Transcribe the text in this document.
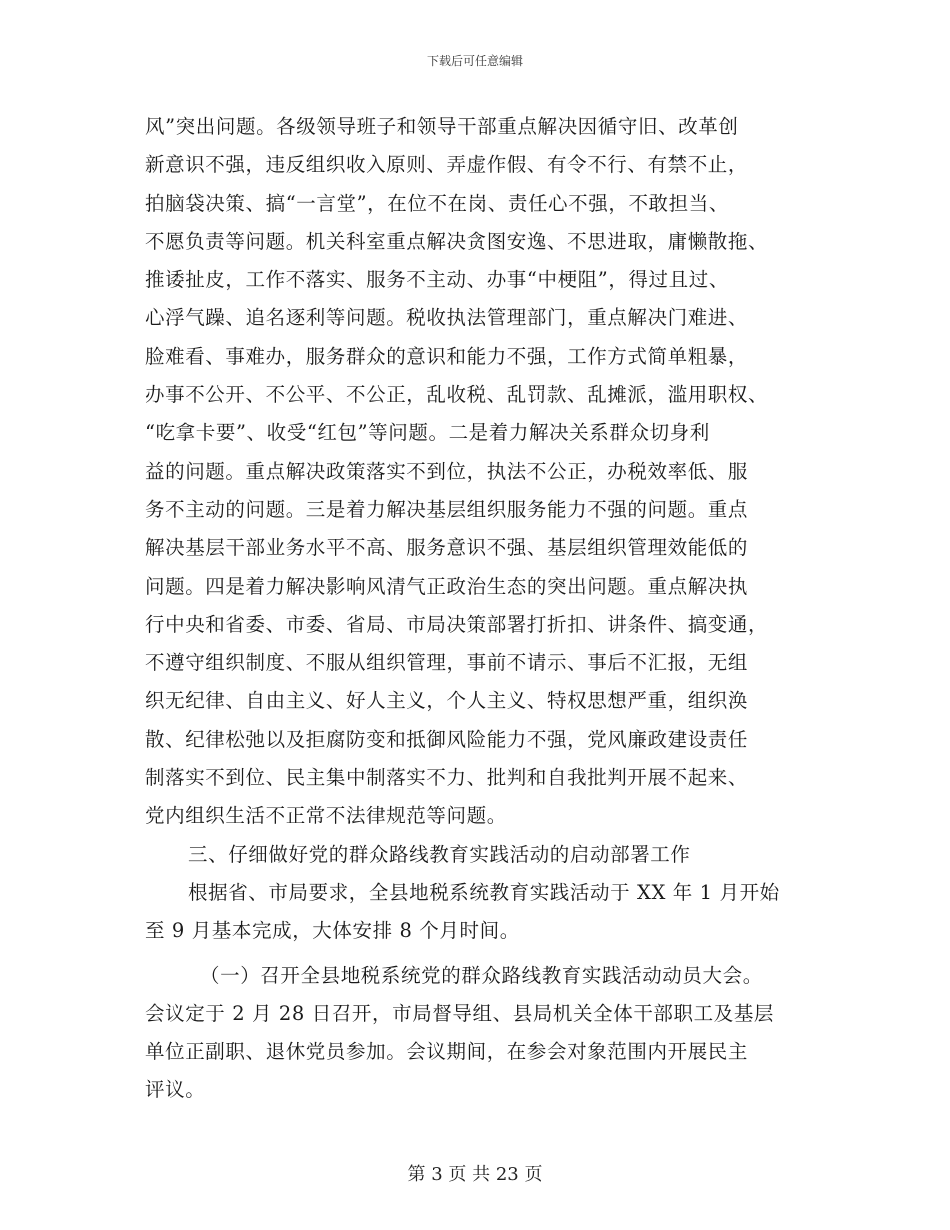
下载后可任意编辑
风”突出问题。各级领导班子和领导干部重点解决因循守旧、改革创
新意识不强，违反组织收入原则、弄虚作假、有令不行、有禁不止，
拍脑袋决策、搞“一言堂”，在位不在岗、责任心不强，不敢担当、
不愿负责等问题。机关科室重点解决贪图安逸、不思进取，庸懒散拖、
推诿扯皮，工作不落实、服务不主动、办事“中梗阻”，得过且过、
心浮气躁、追名逐利等问题。税收执法管理部门，重点解决门难进、
脸难看、事难办，服务群众的意识和能力不强，工作方式简单粗暴，
办事不公开、不公平、不公正，乱收税、乱罚款、乱摊派，滥用职权、
“吃拿卡要”、收受“红包”等问题。二是着力解决关系群众切身利
益的问题。重点解决政策落实不到位，执法不公正，办税效率低、服
务不主动的问题。三是着力解决基层组织服务能力不强的问题。重点
解决基层干部业务水平不高、服务意识不强、基层组织管理效能低的
问题。四是着力解决影响风清气正政治生态的突出问题。重点解决执
行中央和省委、市委、省局、市局决策部署打折扣、讲条件、搞变通，
不遵守组织制度、不服从组织管理，事前不请示、事后不汇报，无组
织无纪律、自由主义、好人主义，个人主义、特权思想严重，组织涣
散、纪律松弛以及拒腐防变和抵御风险能力不强，党风廉政建设责任
制落实不到位、民主集中制落实不力、批判和自我批判开展不起来、
党内组织生活不正常不法律规范等问题。
三、仔细做好党的群众路线教育实践活动的启动部署工作
根据省、市局要求，全县地税系统教育实践活动于 XX 年 1 月开始
至 9 月基本完成，大体安排 8 个月时间。
（一）召开全县地税系统党的群众路线教育实践活动动员大会。
会议定于 2 月 28 日召开，市局督导组、县局机关全体干部职工及基层
单位正副职、退休党员参加。会议期间，在参会对象范围内开展民主
评议。
第 3 页 共 23 页
